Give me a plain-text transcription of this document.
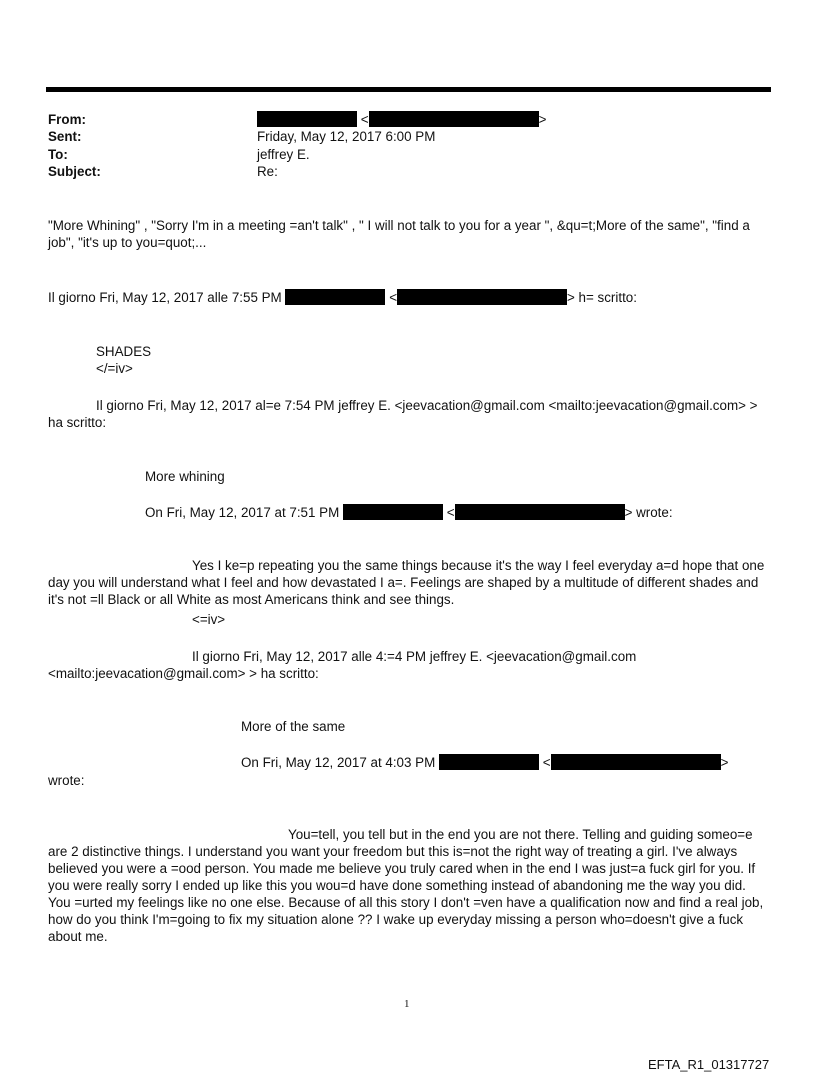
From:	<	>
Sent:	Friday, May 12, 2017 6:00 PM
To:	jeffrey E.
Subject:	Re:
"More Whining" , "Sorry I'm in a meeting =an't talk" , " I will not talk to you for a year ", &qu=t;More of the same", "find a job", "it's up to you=quot;...
Il giorno Fri, May 12, 2017 alle 7:55 PM	<	> h= scritto:
SHADES
</=iv>
Il giorno Fri, May 12, 2017 al=e 7:54 PM jeffrey E. <jeevacation@gmail.com <mailto:jeevacation@gmail.com> > ha scritto:
More whining
On Fri, May 12, 2017 at 7:51 PM	<	> wrote:
Yes I ke=p repeating you the same things because it's the way I feel everyday a=d hope that one day you will understand what I feel and how devastated I a=. Feelings are shaped by a multitude of different shades and it's not =ll Black or all White as most Americans think and see things.
<=iv>
Il giorno Fri, May 12, 2017 alle 4:=4 PM jeffrey E. <jeevacation@gmail.com <mailto:jeevacation@gmail.com> > ha scritto:
More of the same
On Fri, May 12, 2017 at 4:03 PM	<	>
wrote:
You=tell, you tell but in the end you are not there. Telling and guiding someo=e are 2 distinctive things. I understand you want your freedom but this is=not the right way of treating a girl. I've always believed you were a =ood person. You made me believe you truly cared when in the end I was just=a fuck girl for you. If you were really sorry I ended up like this you wou=d have done something instead of abandoning me the way you did. You =urted my feelings like no one else. Because of all this story I don't =ven have a qualification now and find a real job, how do you think I'm=going to fix my situation alone ?? I wake up everyday missing a person who=doesn't give a fuck about me.
1
EFTA_R1_01317727
